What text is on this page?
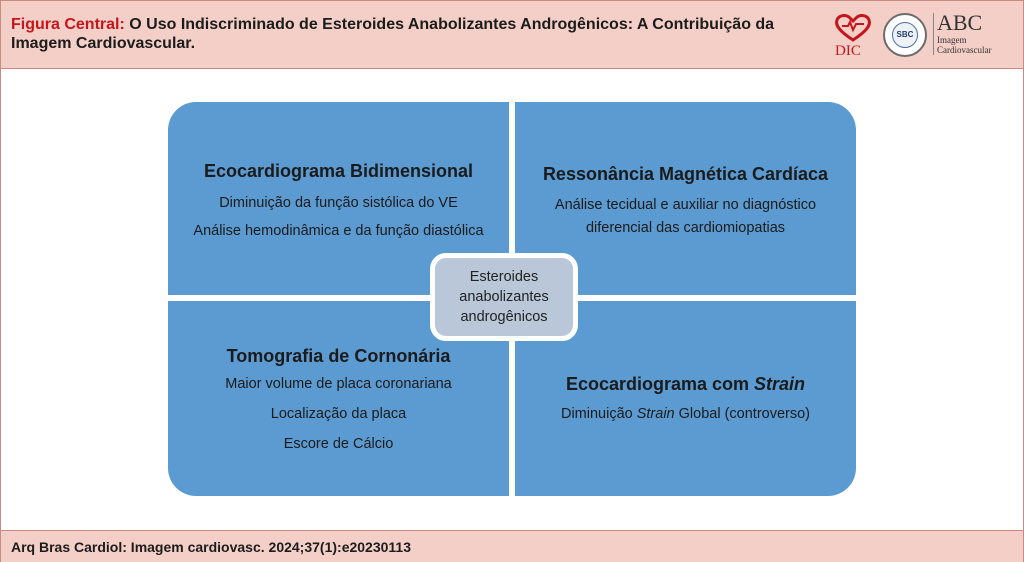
Figura Central: O Uso Indiscriminado de Esteroides Anabolizantes Androgênicos: A Contribuição da Imagem Cardiovascular.	DIC
SBC ABC
Imagem
Cardiovascular
Ecocardiograma Bidimensional
Diminuição da função sistólica do VE
Análise hemodinâmica e da função diastólica
Ressonância Magnética Cardíaca
Análise tecidual e auxiliar no diagnóstico
diferencial das cardiomiopatias
Tomografia de Cornonária
Maior volume de placa coronariana
Localização da placa
Escore de Cálcio
Ecocardiograma com Strain
Diminuição Strain Global (controverso)
Esteroides
anabolizantes
androgênicos
Arq Bras Cardiol: Imagem cardiovasc. 2024;37(1):e20230113
